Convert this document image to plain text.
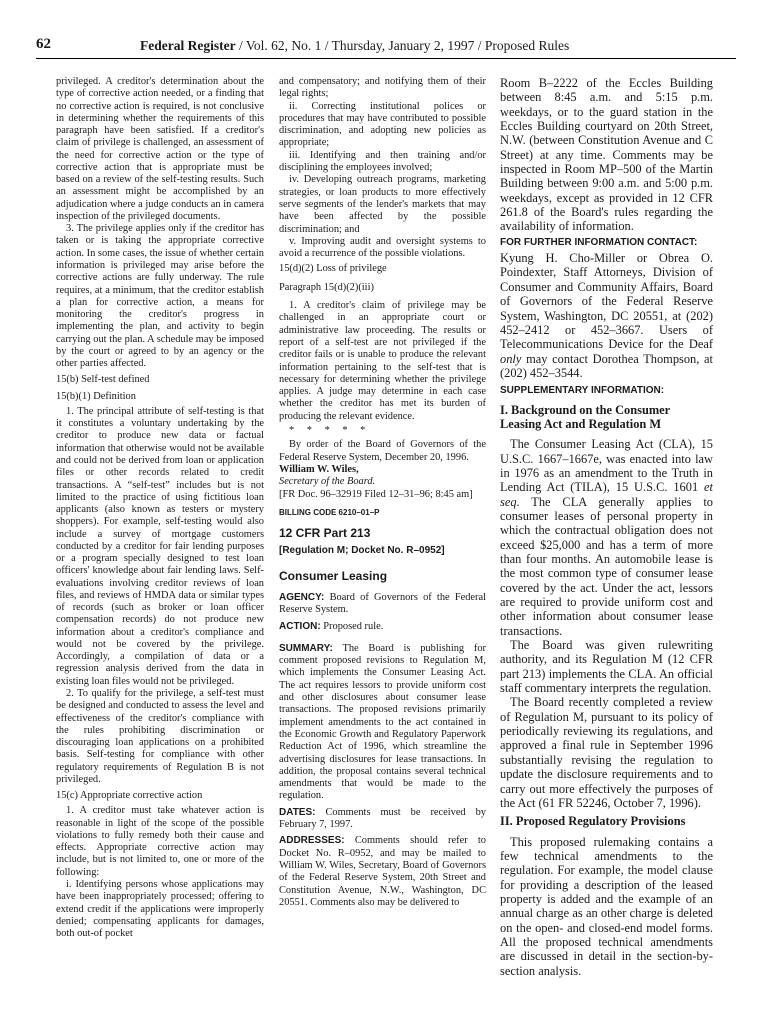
62	Federal Register / Vol. 62, No. 1 / Thursday, January 2, 1997 / Proposed Rules

privileged. A creditor's determination about the type of corrective action needed, or a finding that no corrective action is required, is not conclusive in determining whether the requirements of this paragraph have been satisfied. If a creditor's claim of privilege is challenged, an assessment of the need for corrective action or the type of corrective action that is appropriate must be based on a review of the self-testing results. Such an assessment might be accomplished by an adjudication where a judge conducts an in camera inspection of the privileged documents.

3. The privilege applies only if the creditor has taken or is taking the appropriate corrective action. In some cases, the issue of whether certain information is privileged may arise before the corrective actions are fully underway. The rule requires, at a minimum, that the creditor establish a plan for corrective action, a means for monitoring the creditor's progress in implementing the plan, and activity to begin carrying out the plan. A schedule may be imposed by the court or agreed to by an agency or the other parties affected.

15(b) Self-test defined

15(b)(1) Definition

1. The principal attribute of self-testing is that it constitutes a voluntary undertaking by the creditor to produce new data or factual information that otherwise would not be available and could not be derived from loan or application files or other records related to credit transactions. A “self-test” includes but is not limited to the practice of using fictitious loan applicants (also known as testers or mystery shoppers). For example, self-testing would also include a survey of mortgage customers conducted by a creditor for fair lending purposes or a program specially designed to test loan officers' knowledge about fair lending laws. Self-evaluations involving creditor reviews of loan files, and reviews of HMDA data or similar types of records (such as broker or loan officer compensation records) do not produce new information about a creditor's compliance and would not be covered by the privilege. Accordingly, a compilation of data or a regression analysis derived from the data in existing loan files would not be privileged.

2. To qualify for the privilege, a self-test must be designed and conducted to assess the level and effectiveness of the creditor's compliance with the rules prohibiting discrimination or discouraging loan applications on a prohibited basis. Self-testing for compliance with other regulatory requirements of Regulation B is not privileged.

15(c) Appropriate corrective action

1. A creditor must take whatever action is reasonable in light of the scope of the possible violations to fully remedy both their cause and effects. Appropriate corrective action may include, but is not limited to, one or more of the following:

i. Identifying persons whose applications may have been inappropriately processed; offering to extend credit if the applications were improperly denied; compensating applicants for damages, both out-of pocket

and compensatory; and notifying them of their legal rights;

ii. Correcting institutional polices or procedures that may have contributed to possible discrimination, and adopting new policies as appropriate;

iii. Identifying and then training and/or disciplining the employees involved;

iv. Developing outreach programs, marketing strategies, or loan products to more effectively serve segments of the lender's markets that may have been affected by the possible discrimination; and

v. Improving audit and oversight systems to avoid a recurrence of the possible violations.

15(d)(2) Loss of privilege

Paragraph 15(d)(2)(iii)

1. A creditor's claim of privilege may be challenged in an appropriate court or administrative law proceeding. The results or report of a self-test are not privileged if the creditor fails or is unable to produce the relevant information pertaining to the self-test that is necessary for determining whether the privilege applies. A judge may determine in each case whether the creditor has met its burden of producing the relevant evidence.

* * * * *

By order of the Board of Governors of the Federal Reserve System, December 20, 1996.

William W. Wiles,

Secretary of the Board.

[FR Doc. 96–32919 Filed 12–31–96; 8:45 am]

BILLING CODE 6210–01–P

12 CFR Part 213

[Regulation M; Docket No. R–0952]

Consumer Leasing

AGENCY: Board of Governors of the Federal Reserve System.

ACTION: Proposed rule.

SUMMARY: The Board is publishing for comment proposed revisions to Regulation M, which implements the Consumer Leasing Act. The act requires lessors to provide uniform cost and other disclosures about consumer lease transactions. The proposed revisions primarily implement amendments to the act contained in the Economic Growth and Regulatory Paperwork Reduction Act of 1996, which streamline the advertising disclosures for lease transactions. In addition, the proposal contains several technical amendments that would be made to the regulation.

DATES: Comments must be received by February 7, 1997.

ADDRESSES: Comments should refer to Docket No. R–0952, and may be mailed to William W. Wiles, Secretary, Board of Governors of the Federal Reserve System, 20th Street and Constitution Avenue, N.W., Washington, DC 20551. Comments also may be delivered to

Room B–2222 of the Eccles Building between 8:45 a.m. and 5:15 p.m. weekdays, or to the guard station in the Eccles Building courtyard on 20th Street, N.W. (between Constitution Avenue and C Street) at any time. Comments may be inspected in Room MP–500 of the Martin Building between 9:00 a.m. and 5:00 p.m. weekdays, except as provided in 12 CFR 261.8 of the Board's rules regarding the availability of information.

FOR FURTHER INFORMATION CONTACT:

Kyung H. Cho-Miller or Obrea O. Poindexter, Staff Attorneys, Division of Consumer and Community Affairs, Board of Governors of the Federal Reserve System, Washington, DC 20551, at (202) 452–2412 or 452–3667. Users of Telecommunications Device for the Deaf only may contact Dorothea Thompson, at (202) 452–3544.

SUPPLEMENTARY INFORMATION:

I. Background on the Consumer Leasing Act and Regulation M

The Consumer Leasing Act (CLA), 15 U.S.C. 1667–1667e, was enacted into law in 1976 as an amendment to the Truth in Lending Act (TILA), 15 U.S.C. 1601 et seq. The CLA generally applies to consumer leases of personal property in which the contractual obligation does not exceed $25,000 and has a term of more than four months. An automobile lease is the most common type of consumer lease covered by the act. Under the act, lessors are required to provide uniform cost and other information about consumer lease transactions.

The Board was given rulewriting authority, and its Regulation M (12 CFR part 213) implements the CLA. An official staff commentary interprets the regulation.

The Board recently completed a review of Regulation M, pursuant to its policy of periodically reviewing its regulations, and approved a final rule in September 1996 substantially revising the regulation to update the disclosure requirements and to carry out more effectively the purposes of the Act (61 FR 52246, October 7, 1996).

II. Proposed Regulatory Provisions

This proposed rulemaking contains a few technical amendments to the regulation. For example, the model clause for providing a description of the leased property is added and the example of an annual charge as an other charge is deleted on the open- and closed-end model forms. All the proposed technical amendments are discussed in detail in the section-by-section analysis.
